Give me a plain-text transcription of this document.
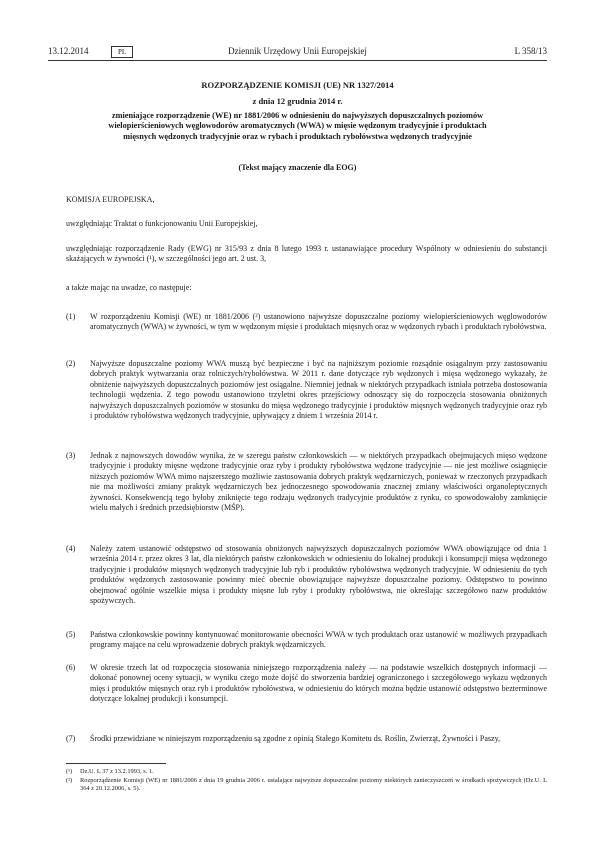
13.12.2014	PL	Dziennik Urzędowy Unii Europejskiej	L 358/13
ROZPORZĄDZENIE KOMISJI (UE) NR 1327/2014
z dnia 12 grudnia 2014 r.
zmieniające rozporządzenie (WE) nr 1881/2006 w odniesieniu do najwyższych dopuszczalnych poziomów wielopierścieniowych węglowodorów aromatycznych (WWA) w mięsie wędzonym tradycyjnie i produktach mięsnych wędzonych tradycyjnie oraz w rybach i produktach rybołówstwa wędzonych tradycyjnie
(Tekst mający znaczenie dla EOG)
KOMISJA EUROPEJSKA,
uwzględniając Traktat o funkcjonowaniu Unii Europejskiej,
uwzględniając rozporządzenie Rady (EWG) nr 315/93 z dnia 8 lutego 1993 r. ustanawiające procedury Wspólnoty w odniesieniu do substancji skażających w żywności (¹), w szczególności jego art. 2 ust. 3,
a także mając na uwadze, co następuje:
(1) W rozporządzeniu Komisji (WE) nr 1881/2006 (²) ustanowiono najwyższe dopuszczalne poziomy wielopierścieniowych węglowodorów aromatycznych (WWA) w żywności, w tym w wędzonym mięsie i produktach mięsnych oraz w wędzonych rybach i produktach rybołówstwa.
(2) Najwyższe dopuszczalne poziomy WWA muszą być bezpieczne i być na najniższym poziomie rozsądnie osiągalnym przy zastosowaniu dobrych praktyk wytwarzania oraz rolniczych/rybołówstwa. W 2011 r. dane dotyczące ryb wędzonych i mięsa wędzonego wykazały, że obniżenie najwyższych dopuszczalnych poziomów jest osiągalne. Niemniej jednak w niektórych przypadkach istniała potrzeba dostosowania technologii wędzenia. Z tego powodu ustanowiono trzyletni okres przejściowy odnoszący się do rozpoczęcia stosowania obniżonych najwyższych dopuszczalnych poziomów w stosunku do mięsa wędzonego tradycyjnie i produktów mięsnych wędzonych tradycyjnie oraz ryb i produktów rybołówstwa wędzonych tradycyjnie, upływający z dniem 1 września 2014 r.
(3) Jednak z najnowszych dowodów wynika, że w szeregu państw członkowskich — w niektórych przypadkach obejmujących mięso wędzone tradycyjnie i produkty mięsne wędzone tradycyjnie oraz ryby i produkty rybołówstwa wędzone tradycyjnie — nie jest możliwe osiągnięcie niższych poziomów WWA mimo najszerszego możliwie zastosowania dobrych praktyk wędzarniczych, ponieważ w rzeczonych przypadkach nie ma możliwości zmiany praktyk wędzarniczych bez jednoczesnego spowodowania znacznej zmiany właściwości organoleptycznych żywności. Konsekwencją tego byłoby zniknięcie tego rodzaju wędzonych tradycyjnie produktów z rynku, co spowodowałoby zamknięcie wielu małych i średnich przedsiębiorstw (MŚP).
(4) Należy zatem ustanowić odstępstwo od stosowania obniżonych najwyższych dopuszczalnych poziomów WWA obowiązujące od dnia 1 września 2014 r. przez okres 3 lat, dla niektórych państw członkowskich w odniesieniu do lokalnej produkcji i konsumpcji mięsa wędzonego tradycyjnie i produktów mięsnych wędzonych tradycyjnie lub ryb i produktów rybołówstwa wędzonych tradycyjnie. W odniesieniu do tych produktów wędzonych zastosowanie powinny mieć obecnie obowiązujące najwyższe dopuszczalne poziomy. Odstępstwo to powinno obejmować ogólnie wszelkie mięsa i produkty mięsne lub ryby i produkty rybołówstwa, nie określając szczegółowo nazw produktów spożywczych.
(5) Państwa członkowskie powinny kontynuować monitorowanie obecności WWA w tych produktach oraz ustanowić w możliwych przypadkach programy mające na celu wprowadzenie dobrych praktyk wędzarniczych.
(6) W okresie trzech lat od rozpoczęcia stosowania niniejszego rozporządzenia należy — na podstawie wszelkich dostępnych informacji — dokonać ponownej oceny sytuacji, w wyniku czego może dojść do stworzenia bardziej ograniczonego i szczegółowego wykazu wędzonych mięs i produktów mięsnych oraz ryb i produktów rybołówstwa, w odniesieniu do których można będzie ustanowić odstępstwo bezterminowe dotyczące lokalnej produkcji i konsumpcji.
(7) Środki przewidziane w niniejszym rozporządzeniu są zgodne z opinią Stałego Komitetu ds. Roślin, Zwierząt, Żywności i Paszy,
(¹) Dz.U. L 37 z 13.2.1993, s. 1.
(²) Rozporządzenie Komisji (WE) nr 1881/2006 z dnia 19 grudnia 2006 r. ustalające najwyższe dopuszczalne poziomy niektórych zanieczyszczeń w środkach spożywczych (Dz.U. L 364 z 20.12.2006, s. 5).
